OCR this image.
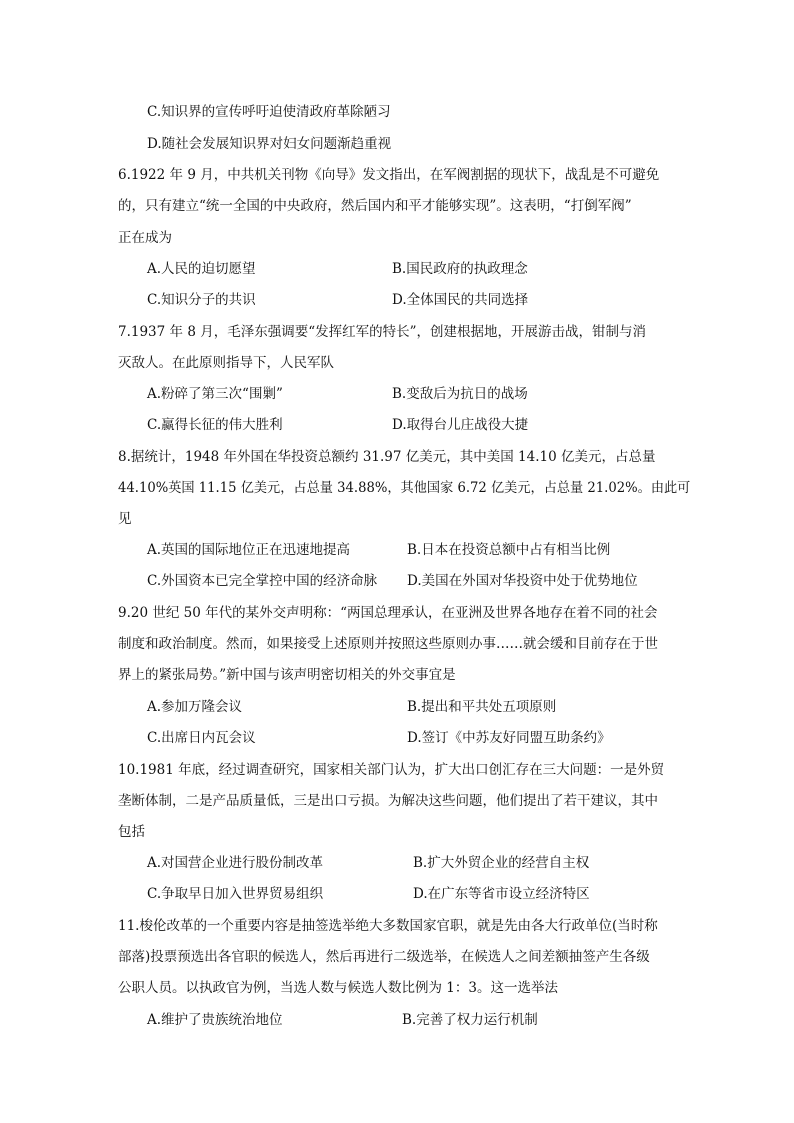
C.知识界的宣传呼吁迫使清政府革除陋习
D.随社会发展知识界对妇女问题渐趋重视
6.1922 年 9 月，中共机关刊物《向导》发文指出，在军阀割据的现状下，战乱是不可避免
的，只有建立“统一全国的中央政府，然后国内和平才能够实现”。这表明，“打倒军阀”
正在成为
A.人民的迫切愿望	B.国民政府的执政理念
C.知识分子的共识	D.全体国民的共同选择
7.1937 年 8 月，毛泽东强调要“发挥红军的特长”，创建根据地，开展游击战，钳制与消
灭敌人。在此原则指导下，人民军队
A.粉碎了第三次“围剿”	B.变敌后为抗日的战场
C.赢得长征的伟大胜利	D.取得台儿庄战役大捷
8.据统计，1948 年外国在华投资总额约 31.97 亿美元，其中美国 14.10 亿美元，占总量
44.10%英国 11.15 亿美元，占总量 34.88%，其他国家 6.72 亿美元，占总量 21.02%。由此可
见
A.英国的国际地位正在迅速地提高	B.日本在投资总额中占有相当比例
C.外国资本已完全掌控中国的经济命脉 D.美国在外国对华投资中处于优势地位
9.20 世纪 50 年代的某外交声明称：“两国总理承认，在亚洲及世界各地存在着不同的社会
制度和政治制度。然而，如果接受上述原则并按照这些原则办事……就会缓和目前存在于世
界上的紧张局势。”新中国与该声明密切相关的外交事宜是
A.参加万隆会议	B.提出和平共处五项原则
C.出席日内瓦会议	D.签订《中苏友好同盟互助条约》
10.1981 年底，经过调查研究，国家相关部门认为，扩大出口创汇存在三大问题：一是外贸
垄断体制，二是产品质量低，三是出口亏损。为解决这些问题，他们提出了若干建议，其中
包括
A.对国营企业进行股份制改革	B.扩大外贸企业的经营自主权
C.争取早日加入世界贸易组织	D.在广东等省市设立经济特区
11.梭伦改革的一个重要内容是抽签选举绝大多数国家官职，就是先由各大行政单位(当时称
部落)投票预选出各官职的候选人，然后再进行二级选举，在候选人之间差额抽签产生各级
公职人员。以执政官为例，当选人数与候选人数比例为 1：3。这一选举法
A.维护了贵族统治地位	B.完善了权力运行机制
